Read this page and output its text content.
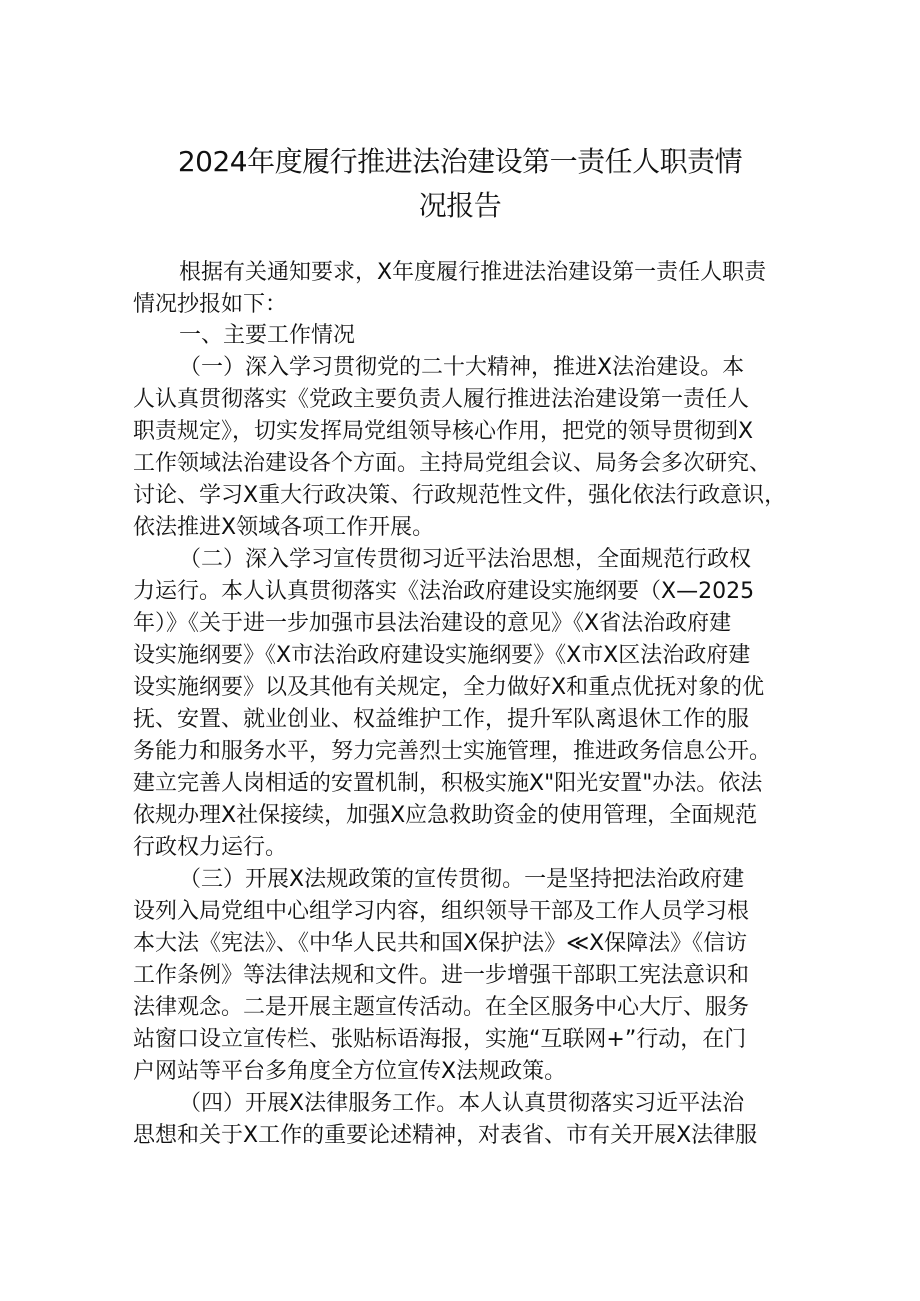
2024年度履行推进法治建设第一责任人职责情
况报告

根据有关通知要求，X年度履行推进法治建设第一责任人职责

情况抄报如下：

一、主要工作情况

（一）深入学习贯彻党的二十大精神，推进X法治建设。本

人认真贯彻落实《党政主要负责人履行推进法治建设第一责任人

职责规定》，切实发挥局党组领导核心作用，把党的领导贯彻到X

工作领域法治建设各个方面。主持局党组会议、局务会多次研究、

讨论、学习X重大行政决策、行政规范性文件，强化依法行政意识，

依法推进X领域各项工作开展。

（二）深入学习宣传贯彻习近平法治思想，全面规范行政权

力运行。本人认真贯彻落实《法治政府建设实施纲要（X—2025

年）》《关于进一步加强市县法治建设的意见》《X省法治政府建

设实施纲要》《X市法治政府建设实施纲要》《X市X区法治政府建

设实施纲要》以及其他有关规定，全力做好X和重点优抚对象的优

抚、安置、就业创业、权益维护工作，提升军队离退休工作的服

务能力和服务水平，努力完善烈士实施管理，推进政务信息公开。

建立完善人岗相适的安置机制，积极实施X"阳光安置"办法。依法

依规办理X社保接续，加强X应急救助资金的使用管理，全面规范

行政权力运行。

（三）开展X法规政策的宣传贯彻。一是坚持把法治政府建

设列入局党组中心组学习内容，组织领导干部及工作人员学习根

本大法《宪法》、《中华人民共和国X保护法》≪X保障法》《信访

工作条例》等法律法规和文件。进一步增强干部职工宪法意识和

法律观念。二是开展主题宣传活动。在全区服务中心大厅、服务

站窗口设立宣传栏、张贴标语海报，实施“互联网+”行动，在门

户网站等平台多角度全方位宣传X法规政策。

（四）开展X法律服务工作。本人认真贯彻落实习近平法治

思想和关于X工作的重要论述精神，对表省、市有关开展X法律服
